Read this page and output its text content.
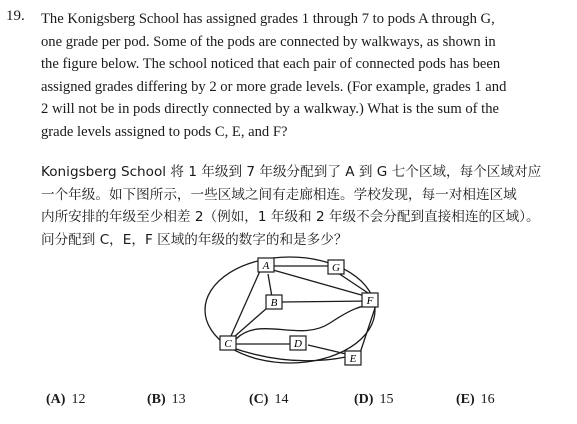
19. The Konigsberg School has assigned grades 1 through 7 to pods A through G,
one grade per pod. Some of the pods are connected by walkways, as shown in
the figure below. The school noticed that each pair of connected pods has been
assigned grades differing by 2 or more grade levels. (For example, grades 1 and
2 will not be in pods directly connected by a walkway.) What is the sum of the
grade levels assigned to pods C, E, and F?
Konigsberg School 将 1 年级到 7 年级分配到了 A 到 G 七个区域，每个区域对应
一个年级。如下图所示，一些区域之间有走廊相连。学校发现，每一对相连区域
内所安排的年级至少相差 2（例如，1 年级和 2 年级不会分配到直接相连的区域）。
问分配到 C，E，F 区域的年级的数字的和是多少？
A	G
B	F
C	D
E
(A) 12	(B) 13	(C) 14	(D) 15	(E) 16
